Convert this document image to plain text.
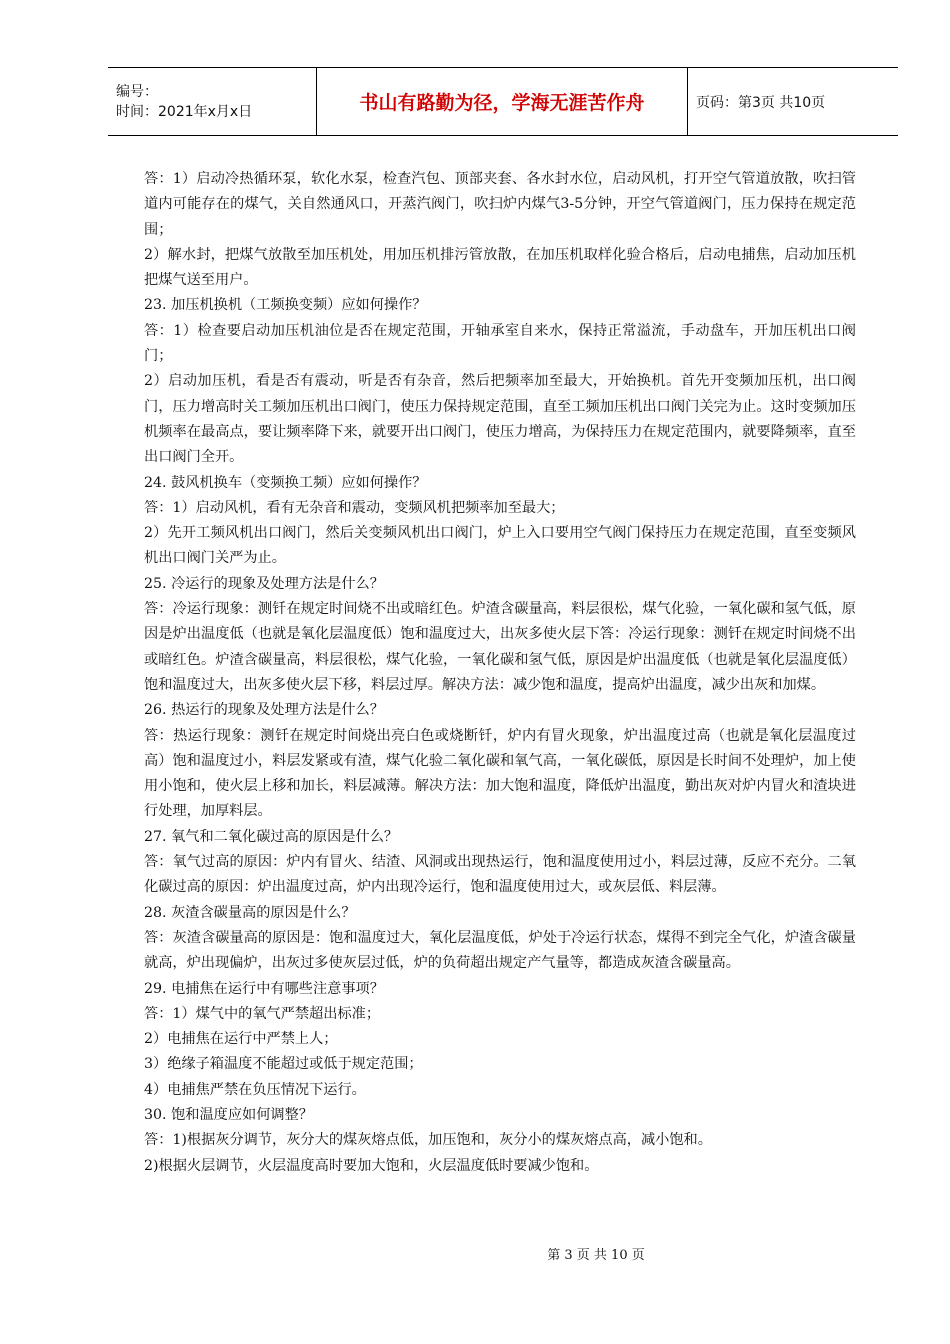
编号：
时间：2021年x月x日	书山有路勤为径，学海无涯苦作舟	页码：第3页 共10页

答：1）启动冷热循环泵，软化水泵，检查汽包、顶部夹套、各水封水位，启动风机，打开空气管道放散，吹扫管道内可能存在的煤气，关自然通风口，开蒸汽阀门，吹扫炉内煤气3-5分钟，开空气管道阀门，压力保持在规定范围；

2）解水封，把煤气放散至加压机处，用加压机排污管放散，在加压机取样化验合格后，启动电捕焦，启动加压机把煤气送至用户。

23. 加压机换机（工频换变频）应如何操作？

答：1）检查要启动加压机油位是否在规定范围，开轴承室自来水，保持正常溢流，手动盘车，开加压机出口阀门；

2）启动加压机，看是否有震动，听是否有杂音，然后把频率加至最大，开始换机。首先开变频加压机，出口阀门，压力增高时关工频加压机出口阀门，使压力保持规定范围，直至工频加压机出口阀门关完为止。这时变频加压机频率在最高点，要让频率降下来，就要开出口阀门，使压力增高，为保持压力在规定范围内，就要降频率，直至出口阀门全开。

24. 鼓风机换车（变频换工频）应如何操作？

答：1）启动风机，看有无杂音和震动，变频风机把频率加至最大；

2）先开工频风机出口阀门，然后关变频风机出口阀门，炉上入口要用空气阀门保持压力在规定范围，直至变频风机出口阀门关严为止。

25. 冷运行的现象及处理方法是什么？

答：冷运行现象：测钎在规定时间烧不出或暗红色。炉渣含碳量高，料层很松，煤气化验，一氧化碳和氢气低，原因是炉出温度低（也就是氧化层温度低）饱和温度过大，出灰多使火层下答：冷运行现象：测钎在规定时间烧不出或暗红色。炉渣含碳量高，料层很松，煤气化验，一氧化碳和氢气低，原因是炉出温度低（也就是氧化层温度低）饱和温度过大，出灰多使火层下移，料层过厚。解决方法：减少饱和温度，提高炉出温度，减少出灰和加煤。

26. 热运行的现象及处理方法是什么？

答：热运行现象：测钎在规定时间烧出亮白色或烧断钎，炉内有冒火现象，炉出温度过高（也就是氧化层温度过高）饱和温度过小，料层发紧或有渣，煤气化验二氧化碳和氧气高，一氧化碳低，原因是长时间不处理炉，加上使用小饱和，使火层上移和加长，料层减薄。解决方法：加大饱和温度，降低炉出温度，勤出灰对炉内冒火和渣块进行处理，加厚料层。

27. 氧气和二氧化碳过高的原因是什么？

答：氧气过高的原因：炉内有冒火、结渣、风洞或出现热运行，饱和温度使用过小，料层过薄，反应不充分。二氧化碳过高的原因：炉出温度过高，炉内出现冷运行，饱和温度使用过大，或灰层低、料层薄。

28. 灰渣含碳量高的原因是什么？

答：灰渣含碳量高的原因是：饱和温度过大，氧化层温度低，炉处于冷运行状态，煤得不到完全气化，炉渣含碳量就高，炉出现偏炉，出灰过多使灰层过低，炉的负荷超出规定产气量等，都造成灰渣含碳量高。

29. 电捕焦在运行中有哪些注意事项？

答：1）煤气中的氧气严禁超出标准；

2）电捕焦在运行中严禁上人；

3）绝缘子箱温度不能超过或低于规定范围；

4）电捕焦严禁在负压情况下运行。

30. 饱和温度应如何调整？

答：1)根据灰分调节，灰分大的煤灰熔点低，加压饱和，灰分小的煤灰熔点高，减小饱和。

2)根据火层调节，火层温度高时要加大饱和，火层温度低时要减少饱和。

第 3 页 共 10 页
